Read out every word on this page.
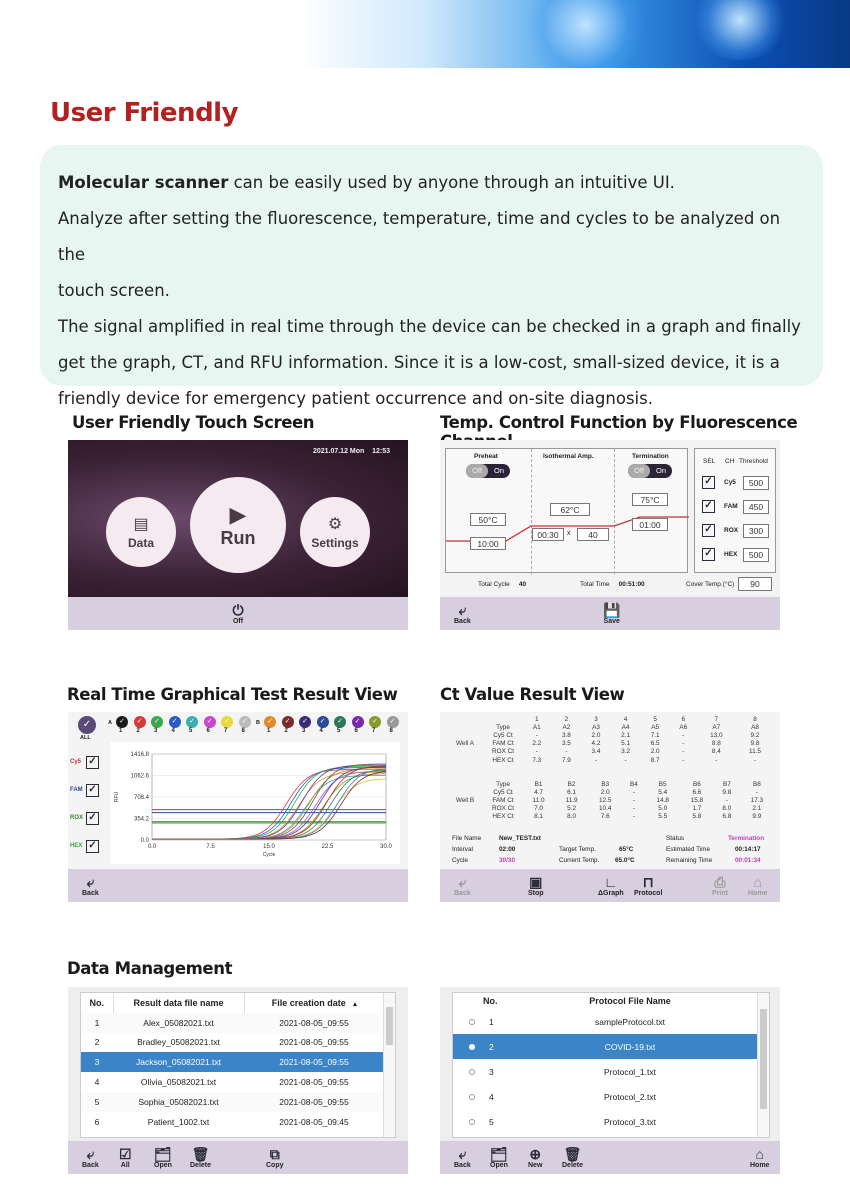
User Friendly
Molecular scanner can be easily used by anyone through an intuitive UI.
Analyze after setting the fluorescence, temperature, time and cycles to be analyzed on the
touch screen.
The signal amplified in real time through the device can be checked in a graph and finally
get the graph, CT, and RFU information. Since it is a low-cost, small-sized device, it is a
friendly device for emergency patient occurrence and on-site diagnosis.
User Friendly Touch Screen	Temp. Control Function by Fluorescence
Real Time Graphical Test Result View	Ct Value Result View
Data Management
2021.07.12 Mon 12:53
▤
Data
▶
Run
⚙
Settings
⏻
Off
Preheat	Isothermal Amp.	Termination
Off	On	Off	On
50°C
10:00
62°C
00:30	x	40
75°C
01:00
SEL CH Threshold
✓	Cy5	500
✓	FAM	450
✓	ROX	300
✓	HEX	500
Total Cycle 40	Total Time 00:51:00	Cover Temp.(°C)	90
⤶
Back
💾
Save
✓
ALL
A	B
✓
1
✓
2
✓
3
✓
4
✓
5
✓
6
✓
7
✓
8
✓
1
✓
2
✓
3
✓
4
✓
5
✓
6
✓
7
✓
8
Cy5 ✓
FAM ✓
ROX ✓
HEX ✓	0.0
354.2
708.4
1062.6
1416.8
0.0	7.5	15.0	22.5	30.0
Cycle
RFU
⤶
Back
		1	2	3	4	5	6	7	8
	Type	A1	A2	A3	A4	A5	A6	A7	A8
	Cy5 Ct	-	3.8	2.0	2.1	7.1	-	13.0	9.2
Well A	FAM Ct	2.2	3.5	4.2	5.1	6.5	-	8.8	9.8
	ROX Ct	-	-	3.4	3.2	2.0	-	8.4	11.5
	HEX Ct	7.3	7.9	-	-	8.7	-	-	-
	Type	B1	B2	B3	B4	B5	B6	B7	B8
	Cy5 Ct	4.7	6.1	2.0	-	5.4	6.6	9.8	-
Well B	FAM Ct	11.0	11.9	12.5	-	14.8	15.8	-	17.3
	ROX Ct	7.0	5.2	10.4	-	5.0	1.7	8.0	2.1
	HEX Ct	8.1	8.0	7.6	-	5.5	5.8	6.8	9.9
File Name	New_TEST.txt	Status	Termination
Interval	02:00	Target Temp.	65°C	Estimated Time	00:14:17
Cycle	30/30	Current Temp. 65.0°C	Remaining Time	00:01:34
⤶
Back
▣
Stop
∟
ΔGraph
⊓
Protocol
⎙
Print
⌂
Home
No.	Result data file name	File creation date ▴
1	Alex_05082021.txt	2021-08-05_09:55
2	Bradley_05082021.txt	2021-08-05_09:55
3	Jackson_05082021.txt	2021-08-05_09:55
4	Olivia_05082021.txt	2021-08-05_09:55
5	Sophia_05082021.txt	2021-08-05_09:55
6	Patient_1002.txt	2021-08-05_09:45
⤶
Back
☑
All
🗂
Open
🗑
Delete
⧉
Copy
No.	Protocol File Name
1	sampleProtocol.txt
2	COVID-19.txt
3	Protocol_1.txt
4	Protocol_2.txt
5	Protocol_3.txt
⤶
Back
🗂
Open
⊕
New
🗑
Delete
⌂
Home
